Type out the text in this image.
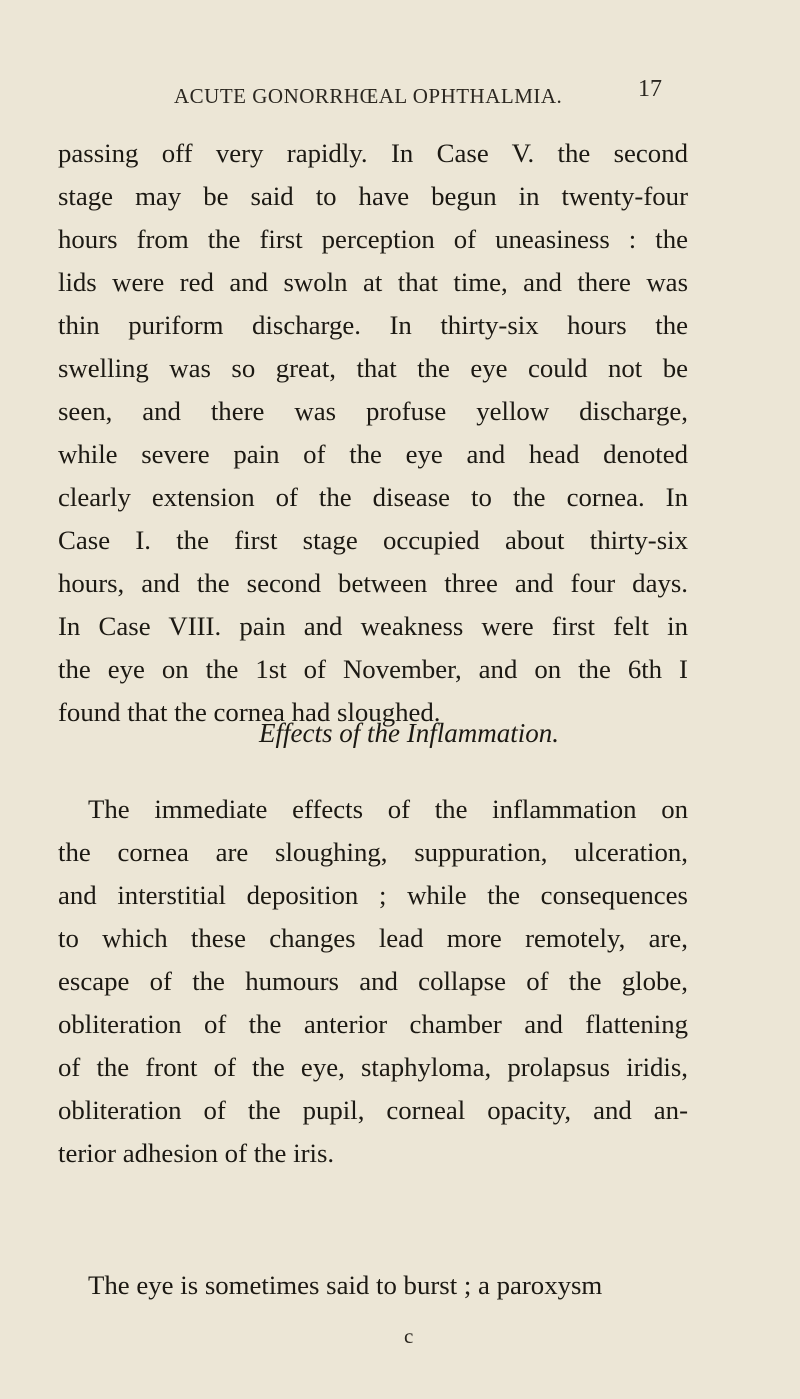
ACUTE GONORRHŒAL OPHTHALMIA.	17
passing off very rapidly. In Case V. the second
stage may be said to have begun in twenty-four
hours from the first perception of uneasiness : the
lids were red and swoln at that time, and there was
thin puriform discharge. In thirty-six hours the
swelling was so great, that the eye could not be
seen, and there was profuse yellow discharge,
while severe pain of the eye and head denoted
clearly extension of the disease to the cornea. In
Case I. the first stage occupied about thirty-six
hours, and the second between three and four days.
In Case VIII. pain and weakness were first felt in
the eye on the 1st of November, and on the 6th I
found that the cornea had sloughed.
Effects of the Inflammation.
The immediate effects of the inflammation on
the cornea are sloughing, suppuration, ulceration,
and interstitial deposition ; while the consequences
to which these changes lead more remotely, are,
escape of the humours and collapse of the globe,
obliteration of the anterior chamber and flattening
of the front of the eye, staphyloma, prolapsus iridis,
obliteration of the pupil, corneal opacity, and an-
terior adhesion of the iris.
The eye is sometimes said to burst ; a paroxysm
c
